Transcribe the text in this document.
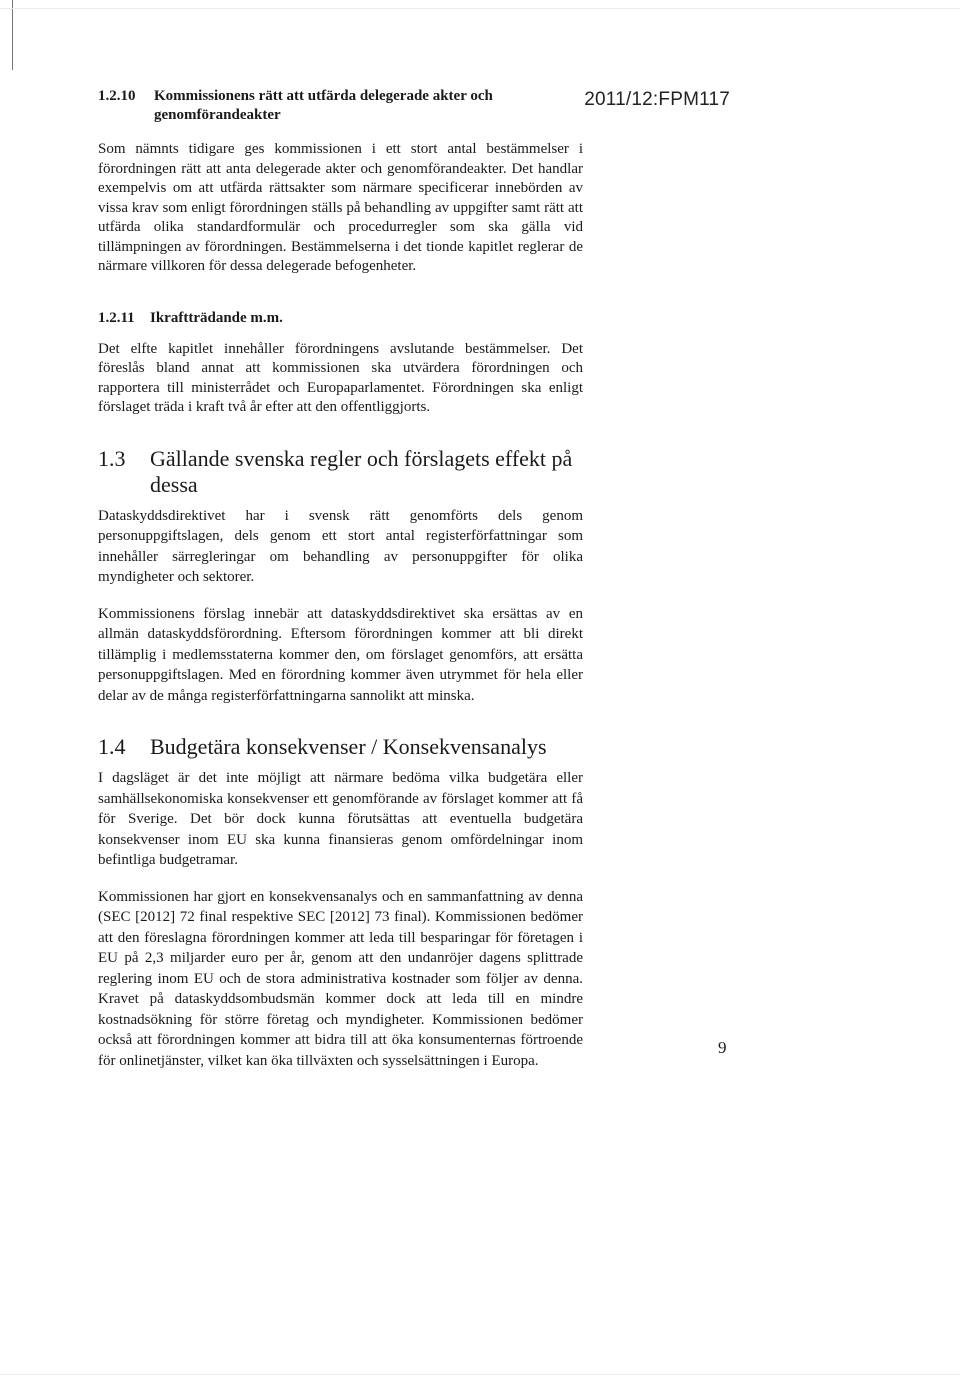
2011/12:FPM117
1.2.10	Kommissionens rätt att utfärda delegerade akter och genomförandeakter

Som nämnts tidigare ges kommissionen i ett stort antal bestämmelser i förordningen rätt att anta delegerade akter och genomförandeakter. Det handlar exempelvis om att utfärda rättsakter som närmare specificerar innebörden av vissa krav som enligt förordningen ställs på behandling av uppgifter samt rätt att utfärda olika standardformulär och procedurregler som ska gälla vid tillämpningen av förordningen. Bestämmelserna i det tionde kapitlet reglerar de närmare villkoren för dessa delegerade befogenheter.

1.2.11	Ikraftträdande m.m.

Det elfte kapitlet innehåller förordningens avslutande bestämmelser. Det föreslås bland annat att kommissionen ska utvärdera förordningen och rapportera till ministerrådet och Europaparlamentet. Förordningen ska enligt förslaget träda i kraft två år efter att den offentliggjorts.

1.3	Gällande svenska regler och förslagets effekt på dessa

Dataskyddsdirektivet har i svensk rätt genomförts dels genom personuppgiftslagen, dels genom ett stort antal registerförfattningar som innehåller särregleringar om behandling av personuppgifter för olika myndigheter och sektorer.

Kommissionens förslag innebär att dataskyddsdirektivet ska ersättas av en allmän dataskyddsförordning. Eftersom förordningen kommer att bli direkt tillämplig i medlemsstaterna kommer den, om förslaget genomförs, att ersätta personuppgiftslagen. Med en förordning kommer även utrymmet för hela eller delar av de många registerförfattningarna sannolikt att minska.

1.4	Budgetära konsekvenser / Konsekvensanalys

I dagsläget är det inte möjligt att närmare bedöma vilka budgetära eller samhällsekonomiska konsekvenser ett genomförande av förslaget kommer att få för Sverige. Det bör dock kunna förutsättas att eventuella budgetära konsekvenser inom EU ska kunna finansieras genom omfördelningar inom befintliga budgetramar.

Kommissionen har gjort en konsekvensanalys och en sammanfattning av denna (SEC [2012] 72 final respektive SEC [2012] 73 final). Kommissionen bedömer att den föreslagna förordningen kommer att leda till besparingar för företagen i EU på 2,3 miljarder euro per år, genom att den undanröjer dagens splittrade reglering inom EU och de stora administrativa kostnader som följer av denna. Kravet på dataskyddsombudsmän kommer dock att leda till en mindre kostnadsökning för större företag och myndigheter. Kommissionen bedömer också att förordningen kommer att bidra till att öka konsumenternas förtroende för onlinetjänster, vilket kan öka tillväxten och sysselsättningen i Europa.

9
